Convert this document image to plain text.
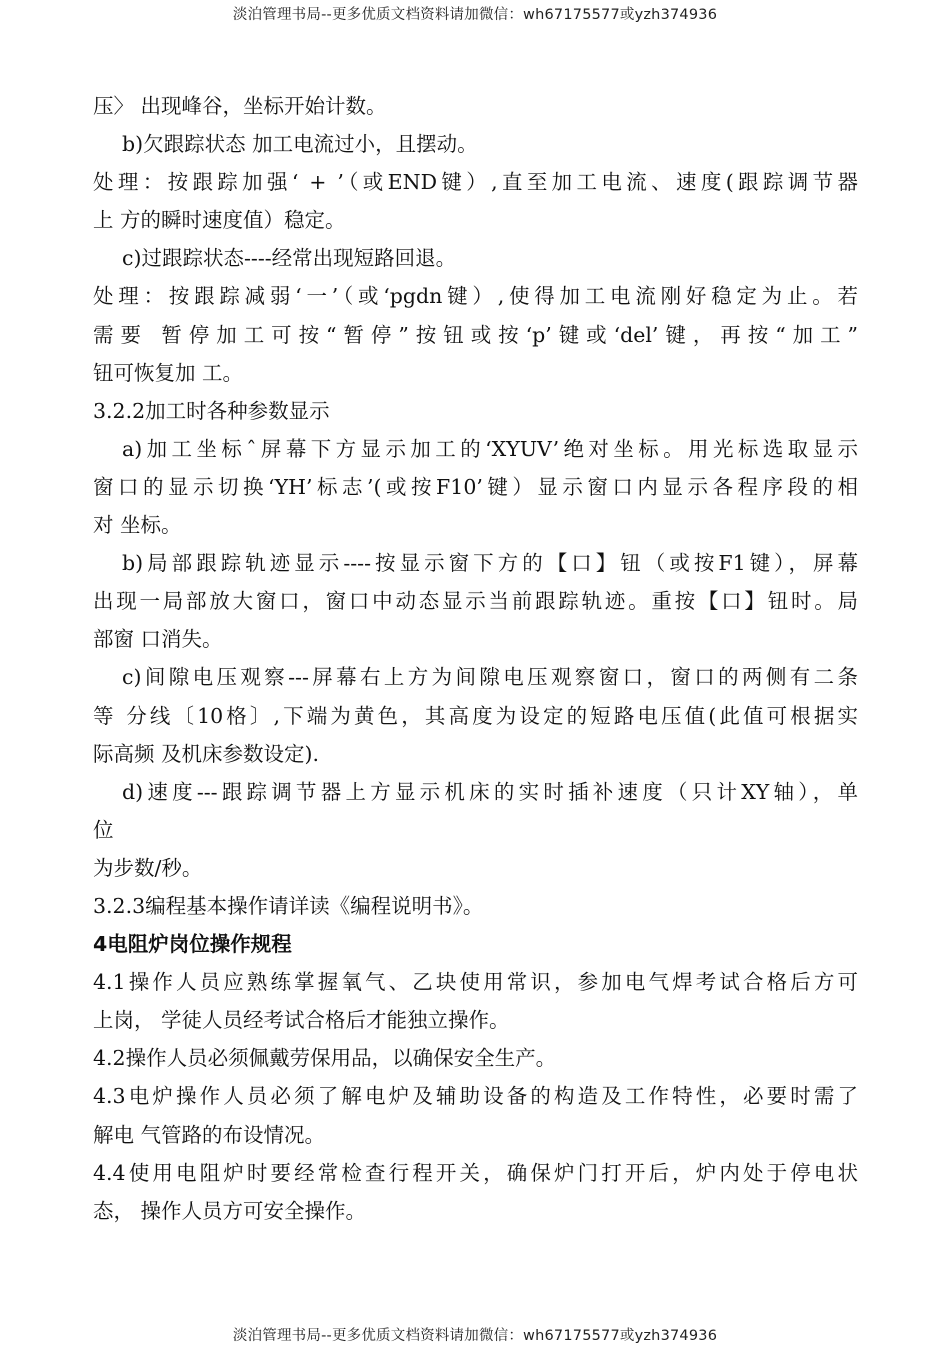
淡泊管理书局--更多优质文档资料请加微信：wh67175577或yzh374936
压〉 出现峰谷，坐标开始计数。
b)欠跟踪状态 加工电流过小，且摆动。
处理：按跟踪加强‘ + ’（或END键）,直至加工电流、速度(跟踪调节器
上 方的瞬时速度值）稳定。
c)过跟踪状态----经常出现短路回退。
处理：按跟踪减弱‘一’（或‘pgdn键）,使得加工电流刚好稳定为止。若
需要 暂停加工可按“暂停”按钮或按‘p’键或‘del’键，再按“加工”
钮可恢复加 工。
3.2.2加工时各种参数显示
a)加工坐标ˆ屏幕下方显示加工的‘XYUV’绝对坐标。用光标选取显示
窗口的显示切换‘YH’标志’(或按F10’键）显示窗口内显示各程序段的相
对 坐标。
b)局部跟踪轨迹显示----按显示窗下方的【口】钮（或按F1键），屏幕
出现一局部放大窗口，窗口中动态显示当前跟踪轨迹。重按【口】钮时。局
部窗 口消失。
c)间隙电压观察---屏幕右上方为间隙电压观察窗口，窗口的两侧有二条
等 分线〔10格〕,下端为黄色，其高度为设定的短路电压值(此值可根据实
际高频 及机床参数设定).
d)速度---跟踪调节器上方显示机床的实时插补速度（只计XY轴），单
位
为步数/秒。
3.2.3编程基本操作请详读《编程说明书》。
4电阻炉岗位操作规程
4.1操作人员应熟练掌握氧气、乙块使用常识，参加电气焊考试合格后方可
上岗， 学徒人员经考试合格后才能独立操作。
4.2操作人员必须佩戴劳保用品，以确保安全生产。
4.3电炉操作人员必须了解电炉及辅助设备的构造及工作特性，必要时需了
解电 气管路的布设情况。
4.4使用电阻炉时要经常检查行程开关，确保炉门打开后，炉内处于停电状
态， 操作人员方可安全操作。
淡泊管理书局--更多优质文档资料请加微信：wh67175577或yzh374936
